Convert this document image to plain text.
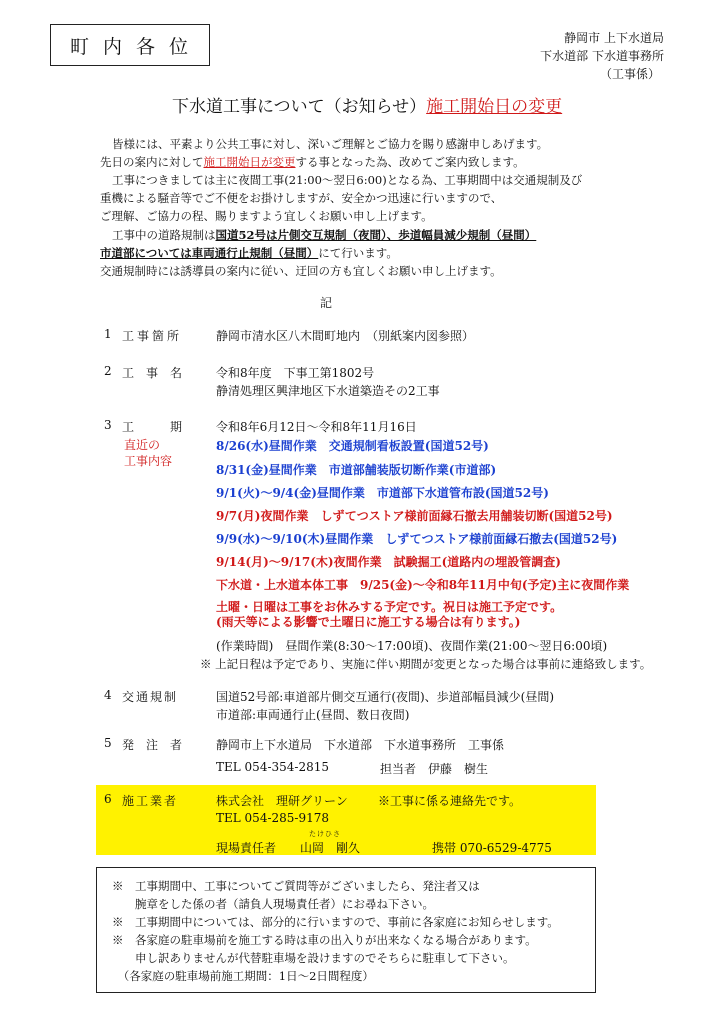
町内各位	静岡市 上下水道局
下水道部 下水道事務所
（工事係）
下水道工事について（お知らせ）施工開始日の変更
皆様には、平素より公共工事に対し、深いご理解とご協力を賜り感謝申しあげます。
先日の案内に対して施工開始日が変更する事となった為、改めてご案内致します。
工事につきましては主に夜間工事(21:00～翌日6:00)となる為、工事期間中は交通規制及び
重機による騒音等でご不便をお掛けしますが、安全かつ迅速に行いますので、
ご理解、ご協力の程、賜りますよう宜しくお願い申し上げます。
工事中の道路規制は国道52号は片側交互規制（夜間）、歩道幅員減少規制（昼間）
市道部については車両通行止規制（昼間）にて行います。
交通規制時には誘導員の案内に従い、迂回の方も宜しくお願い申し上げます。
記
1 工事箇所	静岡市清水区八木間町地内　（別紙案内図参照）
2 工　事　名	令和8年度　下事工第1802号
静清処理区興津地区下水道築造その2工事
3 工　　　期	令和8年6月12日～令和8年11月16日
直近の
工事内容
8/26(水)昼間作業　交通規制看板設置(国道52号)
8/31(金)昼間作業　市道部舗装版切断作業(市道部)
9/1(火)～9/4(金)昼間作業　市道部下水道管布設(国道52号)
9/7(月)夜間作業　しずてつストア様前面縁石撤去用舗装切断(国道52号)
9/9(水)～9/10(木)昼間作業　しずてつストア様前面縁石撤去(国道52号)
9/14(月)～9/17(木)夜間作業　試験掘工(道路内の埋設管調査)
下水道・上水道本体工事　9/25(金)～令和8年11月中旬(予定)主に夜間作業
土曜・日曜は工事をお休みする予定です。祝日は施工予定です。
(雨天等による影響で土曜日に施工する場合は有ります。)
(作業時間)　昼間作業(8:30～17:00頃)、夜間作業(21:00～翌日6:00頃)
※ 上記日程は予定であり、実施に伴い期間が変更となった場合は事前に連絡致します。
4 交通規制	国道52号部:車道部片側交互通行(夜間)、歩道部幅員減少(昼間)
市道部:車両通行止(昼間、数日夜間)
5 発　注　者	静岡市上下水道局　下水道部　下水道事務所　工事係
TEL 054-354-2815	担当者　伊藤　樹生
6 施工業者	株式会社　理研グリーン	※工事に係る連絡先です。
TEL 054-285-9178
たけひさ
現場責任者　　山岡　剛久	携帯 070-6529-4775
※　工事期間中、工事についてご質問等がございましたら、発注者又は
　　腕章をした係の者（請負人現場責任者）にお尋ね下さい。
※　工事期間中については、部分的に行いますので、事前に各家庭にお知らせします。
※　各家庭の駐車場前を施工する時は車の出入りが出来なくなる場合があります。
　　申し訳ありませんが代替駐車場を設けますのでそちらに駐車して下さい。
　（各家庭の駐車場前施工期間：1日～2日間程度）
